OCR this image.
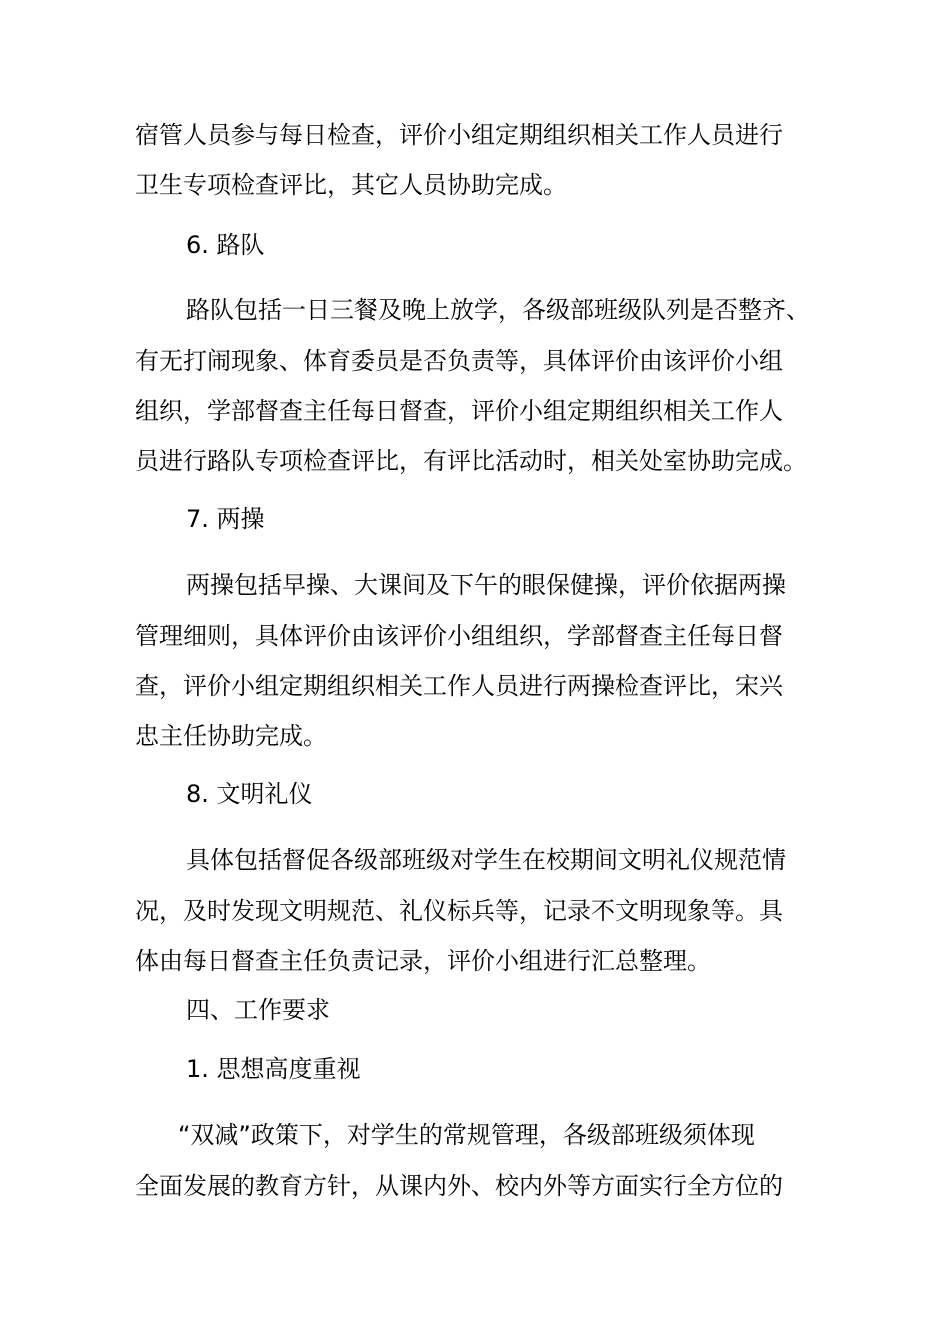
宿管人员参与每日检查，评价小组定期组织相关工作人员进行
卫生专项检查评比，其它人员协助完成。
6. 路队
路队包括一日三餐及晚上放学，各级部班级队列是否整齐、
有无打闹现象、体育委员是否负责等，具体评价由该评价小组
组织，学部督查主任每日督查，评价小组定期组织相关工作人
员进行路队专项检查评比，有评比活动时，相关处室协助完成。
7. 两操
两操包括早操、大课间及下午的眼保健操，评价依据两操
管理细则，具体评价由该评价小组组织，学部督查主任每日督
查，评价小组定期组织相关工作人员进行两操检查评比，宋兴
忠主任协助完成。
8. 文明礼仪
具体包括督促各级部班级对学生在校期间文明礼仪规范情
况，及时发现文明规范、礼仪标兵等，记录不文明现象等。具
体由每日督查主任负责记录，评价小组进行汇总整理。
四、工作要求
1. 思想高度重视
“双减”政策下，对学生的常规管理，各级部班级须体现
全面发展的教育方针，从课内外、校内外等方面实行全方位的
